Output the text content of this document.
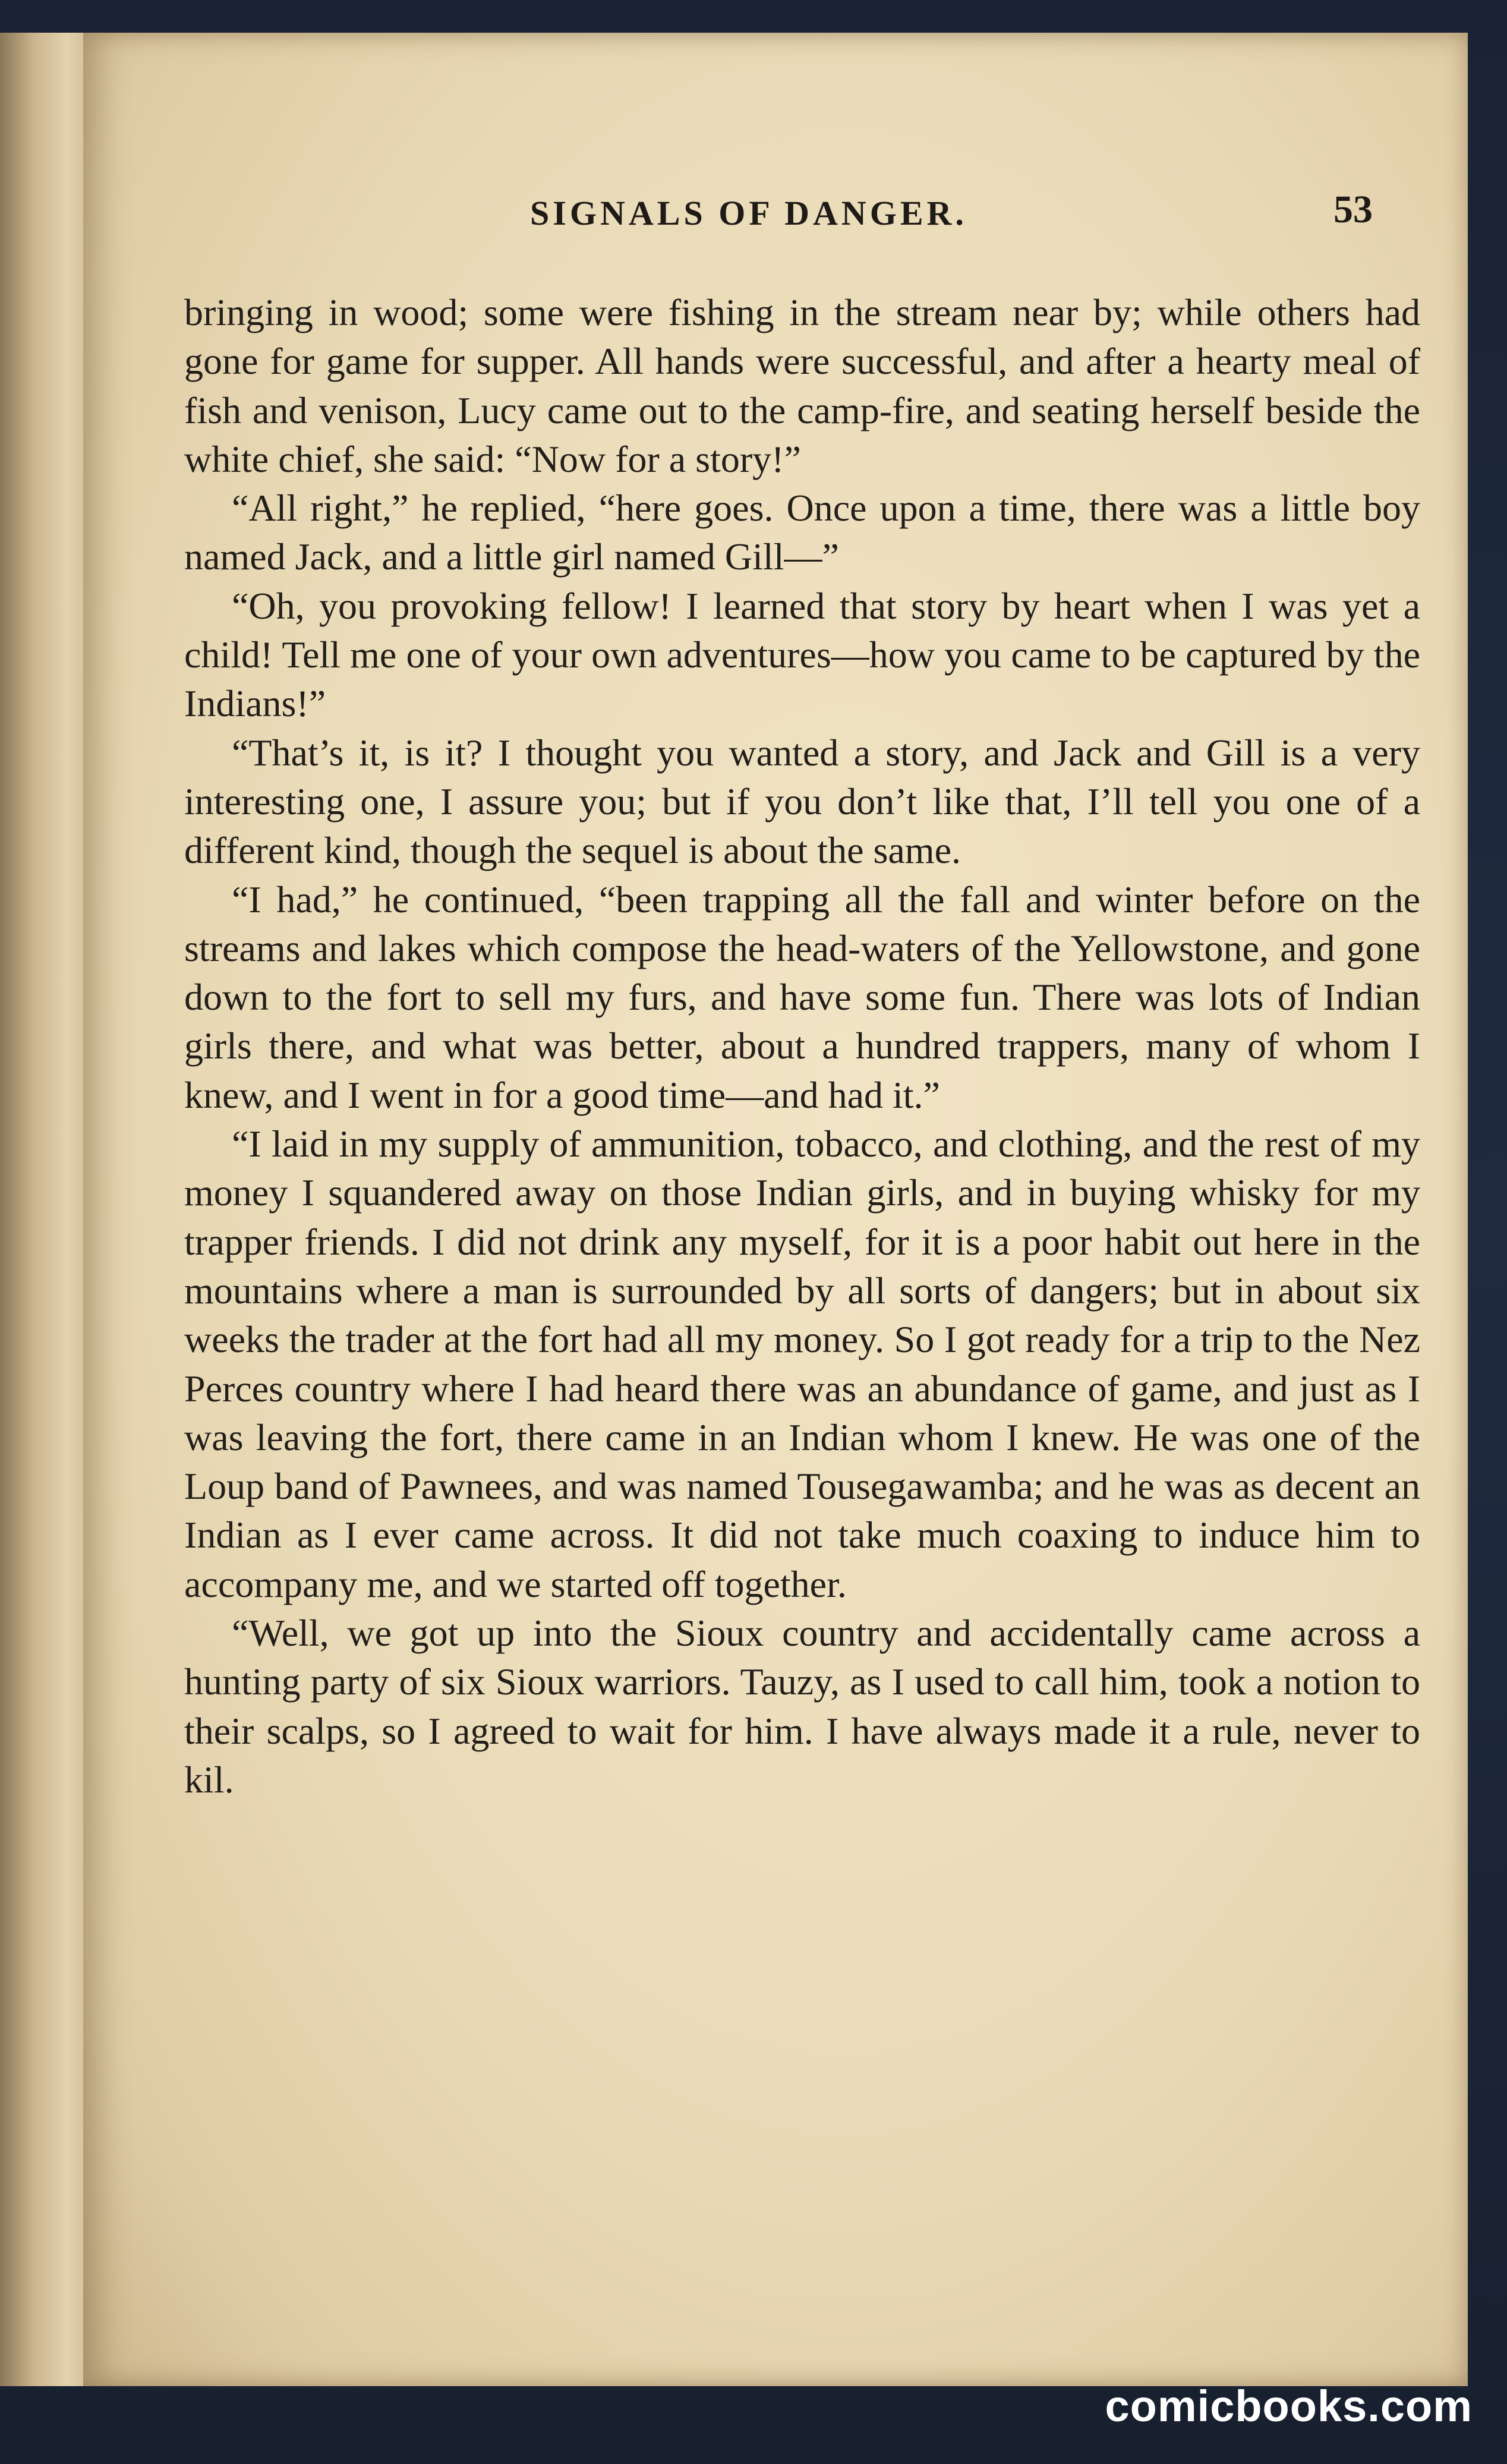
SIGNALS OF DANGER.	53

bringing in wood; some were fishing in the stream near by; while others had gone for game for supper. All hands were successful, and after a hearty meal of fish and venison, Lucy came out to the camp-fire, and seating herself beside the white chief, she said: “Now for a story!”

“All right,” he replied, “here goes. Once upon a time, there was a little boy named Jack, and a little girl named Gill—”

“Oh, you provoking fellow! I learned that story by heart when I was yet a child! Tell me one of your own adventures—how you came to be captured by the Indians!”

“That’s it, is it? I thought you wanted a story, and Jack and Gill is a very interesting one, I assure you; but if you don’t like that, I’ll tell you one of a different kind, though the sequel is about the same.

“I had,” he continued, “been trapping all the fall and winter before on the streams and lakes which compose the head-waters of the Yellowstone, and gone down to the fort to sell my furs, and have some fun. There was lots of Indian girls there, and what was better, about a hundred trappers, many of whom I knew, and I went in for a good time—and had it.”

“I laid in my supply of ammunition, tobacco, and clothing, and the rest of my money I squandered away on those Indian girls, and in buying whisky for my trapper friends. I did not drink any myself, for it is a poor habit out here in the mountains where a man is surrounded by all sorts of dangers; but in about six weeks the trader at the fort had all my money. So I got ready for a trip to the Nez Perces country where I had heard there was an abundance of game, and just as I was leaving the fort, there came in an Indian whom I knew. He was one of the Loup band of Pawnees, and was named Tousegawamba; and he was as decent an Indian as I ever came across. It did not take much coaxing to induce him to accompany me, and we started off together.

“Well, we got up into the Sioux country and accidentally came across a hunting party of six Sioux warriors. Tauzy, as I used to call him, took a notion to their scalps, so I agreed to wait for him. I have always made it a rule, never to kil.

comicbooks.com
